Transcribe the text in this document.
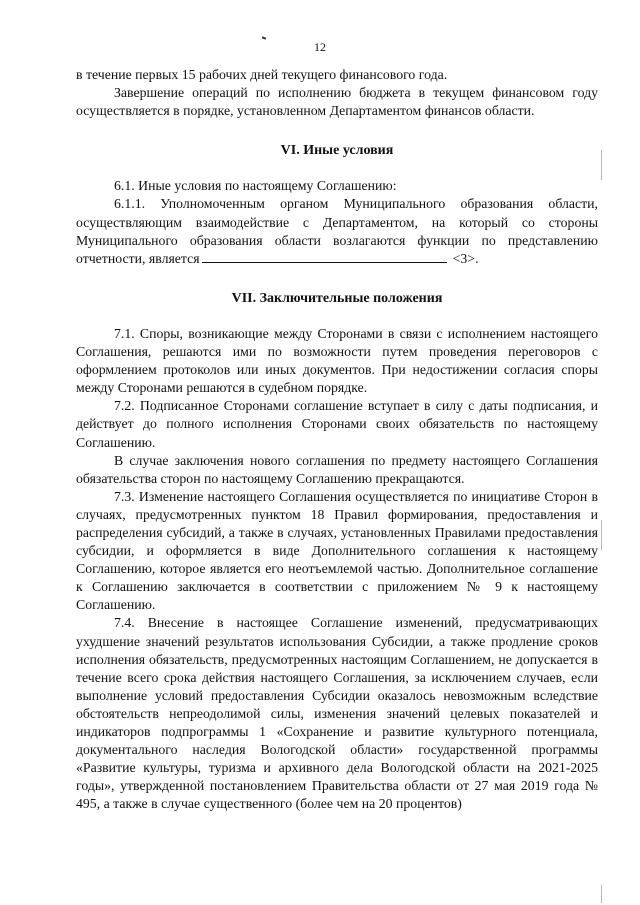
12

в течение первых 15 рабочих дней текущего финансового года.

Завершение операций по исполнению бюджета в текущем финансовом году осуществляется в порядке, установленном Департаментом финансов области.

VI. Иные условия

6.1. Иные условия по настоящему Соглашению:

6.1.1. Уполномоченным органом Муниципального образования области, осуществляющим взаимодействие с Департаментом, на который со стороны Муниципального образования области возлагаются функции по представлению отчетности, является	<3>.

VII. Заключительные положения

7.1. Споры, возникающие между Сторонами в связи с исполнением настоящего Соглашения, решаются ими по возможности путем проведения переговоров с оформлением протоколов или иных документов. При недостижении согласия споры между Сторонами решаются в судебном порядке.

7.2. Подписанное Сторонами соглашение вступает в силу с даты подписания, и действует до полного исполнения Сторонами своих обязательств по настоящему Соглашению.

В случае заключения нового соглашения по предмету настоящего Соглашения обязательства сторон по настоящему Соглашению прекращаются.

7.3. Изменение настоящего Соглашения осуществляется по инициативе Сторон в случаях, предусмотренных пунктом 18 Правил формирования, предоставления и распределения субсидий, а также в случаях, установленных Правилами предоставления субсидии, и оформляется в виде Дополнительного соглашения к настоящему Соглашению, которое является его неотъемлемой частью. Дополнительное соглашение к Соглашению заключается в соответствии с приложением № 9 к настоящему Соглашению.

7.4. Внесение в настоящее Соглашение изменений, предусматривающих ухудшение значений результатов использования Субсидии, а также продление сроков исполнения обязательств, предусмотренных настоящим Соглашением, не допускается в течение всего срока действия настоящего Соглашения, за исключением случаев, если выполнение условий предоставления Субсидии оказалось невозможным вследствие обстоятельств непреодолимой силы, изменения значений целевых показателей и индикаторов подпрограммы 1 «Сохранение и развитие культурного потенциала, документального наследия Вологодской области» государственной программы «Развитие культуры, туризма и архивного дела Вологодской области на 2021-2025 годы», утвержденной постановлением Правительства области от 27 мая 2019 года № 495, а также в случае существенного (более чем на 20 процентов)
